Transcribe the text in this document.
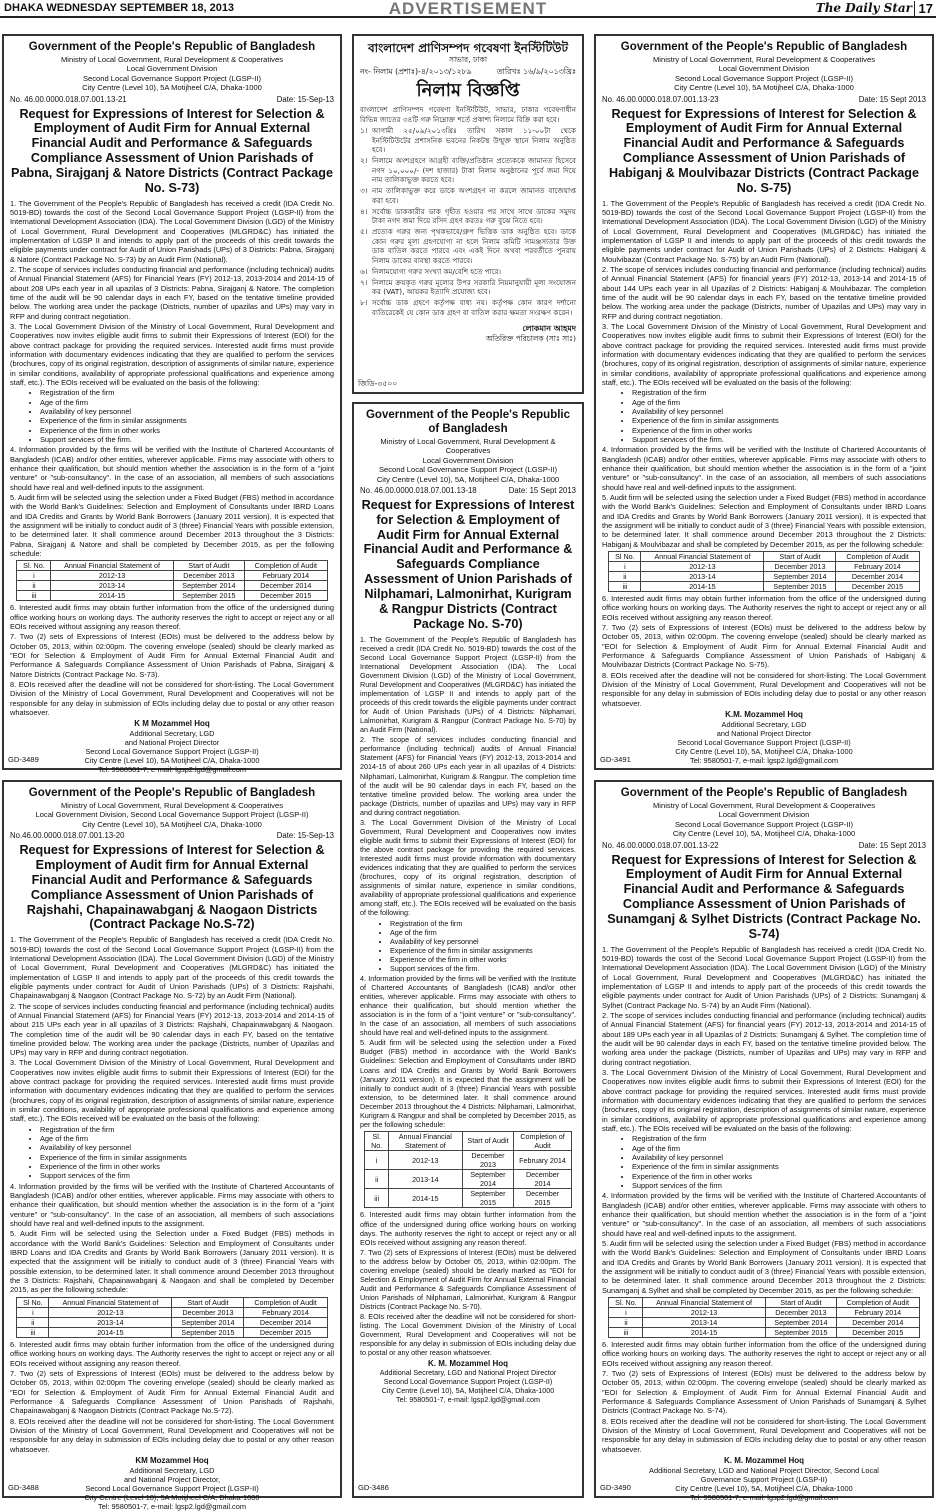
DHAKA WEDNESDAY SEPTEMBER 18, 2013	ADVERTISEMENT	The Daily Star 17
Government of the People's Republic of Bangladesh
Ministry of Local Government, Rural Development & Cooperatives
Local Government Division
Second Local Governance Support Project (LGSP-II)
City Centre (Level 10), 5A Motijheel C/A, Dhaka-1000
No. 46.00.0000.018.07.001.13-21	Date: 15-Sep-13
Request for Expressions of Interest for Selection & Employment of Audit Firm for Annual External Financial Audit and Performance & Safeguards Compliance Assessment of Union Parishads of Pabna, Sirajganj & Natore Districts (Contract Package No. S-73)

1. The Government of the People's Republic of Bangladesh has received a credit (IDA Credit No. 5019-BD) towards the cost of the Second Local Governance Support Project (LGSP-II) from the International Development Association (IDA). The Local Government Division (LGD) of the Ministry of Local Government, Rural Development and Cooperatives (MLGRD&C) has initiated the implementation of LGSP II and intends to apply part of the proceeds of this credit towards the eligible payments under contract for Audit of Union Parishads (UPs) of 3 Districts: Pabna, Sirajganj & Natore (Contract Package No. S-73) by an Audit Firm (National).

2. The scope of services includes conducting financial and performance (including technical) audits of Annual Financial Statement (AFS) for Financial Years (FY) 2012-13, 2013-2014 and 2014-15 of about 208 UPs each year in all upazilas of 3 Districts: Pabna, Sirajganj & Natore. The completion time of the audit will be 90 calendar days in each FY, based on the tentative timeline provided below. The working area under the package (Districts, number of upazilas and UPs) may vary in RFP and during contract negotiation.

3. The Local Government Division of the Ministry of Local Government, Rural Development and Cooperatives now invites eligible audit firms to submit their Expressions of Interest (EOI) for the above contract package for providing the required services. Interested audit firms must provide information with documentary evidences indicating that they are qualified to perform the services (brochures, copy of its original registration, description of assignments of similar nature, experience in similar conditions, availability of appropriate professional qualifications and experience among staff, etc.). The EOIs received will be evaluated on the basis of the following:

• Registration of the firm
• Age of the firm
• Availability of key personnel
• Experience of the firm in similar assignments
• Experience of the firm in other works
• Support services of the firm.

4. Information provided by the firms will be verified with the Institute of Chartered Accountants of Bangladesh (ICAB) and/or other entities, wherever applicable. Firms may associate with others to enhance their qualification, but should mention whether the association is in the form of a "joint venture" or "sub-consultancy". In the case of an association, all members of such associations should have real and well-defined inputs to the assignment.

5. Audit firm will be selected using the selection under a Fixed Budget (FBS) method in accordance with the World Bank's Guidelines: Selection and Employment of Consultants under IBRD Loans and IDA Credits and Grants by World Bank Borrowers (January 2011 version). It is expected that the assignment will be initially to conduct audit of 3 (three) Financial Years with possible extension, to be determined later. It shall commence around December 2013 throughout the 3 Districts: Pabna, Sirajganj & Natore and shall be completed by December 2015, as per the following schedule:

Sl. No.	Annual Financial Statement of	Start of Audit	Completion of Audit
i	2012-13	December 2013	February 2014
ii	2013-14	September 2014	December 2014
iii	2014-15	September 2015	December 2015

6. Interested audit firms may obtain further information from the office of the undersigned during office working hours on working days. The authority reserves the right to accept or reject any or all EOIs received without assigning any reason thereof.

7. Two (2) sets of Expressions of Interest (EOIs) must be delivered to the address below by October 05, 2013, within 02:00pm. The covering envelope (sealed) should be clearly marked as "EOI for Selection & Employment of Audit Firm for Annual External Financial Audit and Performance & Safeguards Compliance Assessment of Union Parishads of Pabna, Sirajganj & Natore Districts (Contract Package No. S-73).

8. EOIs received after the deadline will not be considered for short-listing. The Local Government Division of the Ministry of Local Government, Rural Development and Cooperatives will not be responsible for any delay in submission of EOIs including delay due to postal or any other reason whatsoever.

K M Mozammel Hoq
Additional Secretary, LGD
and National Project Director
Second Local Governance Support Project (LGSP-II)
City Centre (Level 10), 5A Motijheel C/A, Dhaka-1000
Tel: 9580501-7, e-mail: lgsp2.lgd@gmail.com
GD-3489
বাংলাদেশ প্রাণিসম্পদ গবেষণা ইনস্টিটিউট
সাভার, ঢাকা
নং- নিলাম (প্রশাঃ)-৪/২০১৩/১২৮৯	তারিখঃ ১৬/৯/২০১৩খ্রিঃ
নিলাম বিজ্ঞপ্তি

বাংলাদেশ প্রাণিসম্পদ গবেষণা ইনস্টিটিউট, সাভার, ঢাকার গবেষণাধীন বিভিন্ন জাতের ৩৪টি গরু নিম্নোক্ত শর্তে প্রকাশ্য নিলামে বিক্রি করা হবে।

১। আগামী ২৫/০৯/২০১৩খ্রিঃ তারিখ সকাল ১১-০০টা থেকে ইনস্টিটিউটের প্রশাসনিক ভবনের নিকটস্থ উন্মুক্ত স্থানে নিলাম অনুষ্ঠিত হবে।

২। নিলামে অংশগ্রহণে আগ্রহী ব্যক্তি/প্রতিষ্ঠান প্রত্যেককে জামানত হিসেবে নগদ ১০,০০০/- (দশ হাজার) টাকা নিলাম অনুষ্ঠানের পূর্বে জমা দিয়ে নাম তালিকাভুক্ত করতে হবে।

৩। নাম তালিকাভুক্ত করে ডাকে অংশগ্রহণ না করলে জামানত বাজেয়াপ্ত করা হবে।

৪। সর্বোচ্চ ডাককারীর ডাক গৃহীত হওয়ার পর সাথে সাথে ডাকের সমুদয় টাকা নগদ জমা দিয়ে রসিদ গ্রহণ করতঃ গরু বুঝে নিতে হবে।

৫। প্রত্যেক গরুর জন্য পৃথকভাবে/গ্রুপ ভিত্তিক ডাক অনুষ্ঠিত হবে। ডাকে কোন গরুর মূল্য গ্রহণযোগ্য না হলে নিলাম কমিটি সামঞ্জস্যতার উক্ত ডাক বাতিল করতে পারবে এবং একই দিনে অথবা পরবর্তীতে পুনরায় নিলাম ডাকের ব্যবস্থা করতে পারবে।

৬। নিলামযোগ্য গরুর সংখ্যা কম/বেশি হতে পারে।

৭। নিলামে ক্রয়কৃত গরুর মূল্যের উপর সরকারি নিয়মানুযায়ী মূল্য সংযোজন কর (VAT), আয়কর ইত্যাদি প্রযোজ্য হবে।

৮। সর্বোচ্চ ডাক গ্রহণে কর্তৃপক্ষ বাধ্য নয়। কর্তৃপক্ষ কোন কারণ দর্শানো ব্যতিরেকেই যে কোন ডাক গ্রহণ বা বাতিল করার ক্ষমতা সংরক্ষণ করেন।

লোকমান আহমদ
অতিরিক্ত পরিচালক (সাঃ সাঃ)
জিডি-৩৫০০
Government of the People's Republic of Bangladesh
Ministry of Local Government, Rural Development & Cooperatives
Local Government Division
Second Local Governance Support Project (LGSP-II)
City Centre (Level 10), 5A Motijheel C/A, Dhaka-1000
No. 46.00.0000.018.07.001.13-23	Date: 15 Sept 2013
Request for Expressions of Interest for Selection & Employment of Audit Firm for Annual External Financial Audit and Performance & Safeguards Compliance Assessment of Union Parishads of Habiganj & Moulvibazar Districts (Contract Package No. S-75)

1. The Government of the People's Republic of Bangladesh has received a credit (IDA Credit No. 5019-BD) towards the cost of the Second Local Governance Support Project (LGSP-II) from the International Development Association (IDA). The Local Government Division (LGD) of the Ministry of Local Government, Rural Development and Cooperatives (MLGRD&C) has initiated the implementation of LGSP II and intends to apply part of the proceeds of this credit towards the eligible payments under contract for Audit of Union Parishads (UPs) of 2 Districts: Habiganj & Moulvibazar (Contract Package No. S-75) by an Audit Firm (National).

2. The scope of services includes conducting financial and performance (including technical) audits of Annual Financial Statement (AFS) for financial years (FY) 2012-13, 2013-14 and 2014-15 of about 144 UPs each year in all Upazilas of 2 Districts: Habiganj & Moulvibazar. The completion time of the audit will be 90 calendar days in each FY, based on the tentative timeline provided below. The working area under the package (Districts, number of Upazilas and UPs) may vary in RFP and during contract negotiation.

3. The Local Government Division of the Ministry of Local Government, Rural Development and Cooperatives now invites eligible audit firms to submit their Expressions of Interest (EOI) for the above contract package for providing the required services. Interested audit firms must provide information with documentary evidences indicating that they are qualified to perform the services (brochures, copy of its original registration, description of assignments of similar nature, experience in similar conditions, availability of appropriate professional qualifications and experience among staff, etc.). The EOIs received will be evaluated on the basis of the following:

• Registration of the firm
• Age of the firm
• Availability of key personnel
• Experience of the firm in similar assignments
• Experience of the firm in other works
• Support services of the firm.

4. Information provided by the firms will be verified with the Institute of Chartered Accountants of Bangladesh (ICAB) and/or other entities, wherever applicable. Firms may associate with others to enhance their qualification, but should mention whether the association is in the form of a "joint venture" or "sub-consultancy". In the case of an association, all members of such associations should have real and well-defined inputs to the assignment.

5. Audit firm will be selected using the selection under a Fixed Budget (FBS) method in accordance with the World Bank's Guidelines: Selection and Employment of Consultants under IBRD Loans and IDA Credits and Grants by World Bank Borrowers (January 2011 version). It is expected that the assignment will be initially to conduct audit of 3 (three) Financial Years with possible extension, to be determined later. It shall commence around December 2013 throughout the 2 Districts: Habiganj & Moulvibazar and shall be completed by December 2015, as per the following schedule:

Sl No.	Annual Financial Statement of	Start of Audit	Completion of Audit
i	2012-13	December 2013	February 2014
ii	2013-14	September 2014	December 2014
iii	2014-15	September 2015	December 2015

6. Interested audit firms may obtain further information from the office of the undersigned during office working hours on working days. The Authority reserves the right to accept or reject any or all EOIs received without assigning any reason thereof.

7. Two (2) sets of Expressions of Interest (EOIs) must be delivered to the address below by October 05, 2013, within 02:00pm. The covering envelope (sealed) should be clearly marked as "EOI for Selection & Employment of Audit Firm for Annual External Financial Audit and Performance & Safeguards Compliance Assessment of Union Parishads of Habiganj & Moulvibazar Districts (Contract Package No. S-75).

8. EOIs received after the deadline will not be considered for short-listing. The Local Government Division of the Ministry of Local Government, Rural Development and Cooperatives will not be responsible for any delay in submission of EOIs including delay due to postal or any other reason whatsoever.

K.M. Mozammel Hoq
Additional Secretary, LGD
and National Project Director
Second Local Governance Support Project (LGSP-II)
City Centre (Level 10), 5A, Motijheel C/A, Dhaka-1000
Tel: 9580501-7, e-mail: lgsp2.lgd@gmail.com
GD-3491
Government of the People's Republic of Bangladesh
Ministry of Local Government, Rural Development & Cooperatives
Local Government Division, Second Local Governance Support Project (LGSP-II)
City Centre (Level 10), 5A Motijheel C/A, Dhaka-1000
No.46.00.0000.018.07.001.13-20	Date: 15-Sep-13
Request for Expressions of Interest for Selection & Employment of Audit firm for Annual External Financial Audit and Performance & Safeguards Compliance Assessment of Union Parishads of Rajshahi, Chapainawabganj & Naogaon Districts (Contract Package No.S-72)

1. The Government of the People's Republic of Bangladesh has received a credit (IDA Credit No. 5019-BD) towards the cost of the Second Local Governance Support Project (LGSP-II) from the International Development Association (IDA). The Local Government Division (LGD) of the Ministry of Local Government, Rural Development and Cooperatives (MLGRD&C) has initiated the implementation of LGSP II and intends to apply part of the proceeds of this credit towards the eligible payments under contract for Audit of Union Parishads (UPs) of 3 Districts: Rajshahi, Chapainawabganj & Naogaon (Contract Package No. S-72) by an Audit Firm (National).

2. The scope of services includes conducting financial and performance (including technical) audits of Annual Financial Statement (AFS) for Financial Years (FY) 2012-13, 2013-2014 and 2014-15 of about 215 UPs each year in all upazilas of 3 Districts: Rajshahi, Chapainawabganj & Naogaon. The completion time of the audit will be 90 calendar days in each FY, based on the tentative timeline provided below. The working area under the package (Districts, number of Upazilas and UPs) may vary in RFP and during contract negotiation.

3. The Local Government Division of the Ministry of Local Government, Rural Development and Cooperatives now invites eligible audit firms to submit their Expressions of Interest (EOI) for the above contract package for providing the required services. Interested audit firms must provide information with documentary evidences indicating that they are qualified to perform the services (brochures, copy of its original registration, description of assignments of similar nature, experience in similar conditions, availability of appropriate professional qualifications and experience among staff, etc.). The EOIs received will be evaluated on the basis of the following:

• Registration of the firm
• Age of the firm
• Availability of key personnel
• Experience of the firm in similar assignments
• Experience of the firm in other works
• Support services of the firm

4. Information provided by the firms will be verified with the Institute of Chartered Accountants of Bangladesh (ICAB) and/or other entities, wherever applicable. Firms may associate with others to enhance their qualification, but should mention whether the association is in the form of a "joint venture" or "sub-consultancy". In the case of an association, all members of such associations should have real and well-defined inputs to the assignment.

5. Audit Firm will be selected using the Selection under a Fixed Budget (FBS) methods in accordance with the World Bank's Guidelines: Selection and Employment of Consultants under IBRD Loans and IDA Credits and Grants by World Bank Borrowers (January 2011 version). It is expected that the assignment will be initially to conduct audit of 3 (three) Financial Years with possible extension, to be determined later. It shall commence around December 2013 throughout the 3 Districts: Rajshahi, Chapainawabganj & Naogaon and shall be completed by December 2015, as per the following schedule:

Sl No.	Annual Financial Statement of	Start of Audit	Completion of Audit
i	2012-13	December 2013	February 2014
ii	2013-14	September 2014	December 2014
iii	2014-15	September 2015	December 2015

6. Interested audit firms may obtain further information from the office of the undersigned during office working hours on working days. The Authority reserves the right to accept or reject any or all EOIs received without assigning any reason thereof.

7. Two (2) sets of Expressions of Interest (EOIs) must be delivered to the address below by October 05, 2013, within 02:00pm The covering envelope (sealed) should be clearly marked as "EOI for Selection & Employment of Audit Firm for Annual External Financial Audit and Performance & Safeguards Compliance Assessment of Union Parishads of Rajshahi, Chapainawabganj & Naogaon Districts (Contract Package No.S-72).

8. EOIs received after the deadline will not be considered for short-listing. The Local Government Division of the Ministry of Local Government, Rural Development and Cooperatives will not be responsible for any delay in submission of EOIs including delay due to postal or any other reason whatsoever.

KM Mozammel Hoq
Additional Secretary, LGD
and National Project Director,
Second Local Governance Support Project (LGSP-II)
City Centre (Level 10), 5A Motijheel C/A, Dhaka-1000
Tel: 9580501-7, e-mail: lgsp2.lgd@gmail.com
GD-3488
Government of the People's Republic of Bangladesh
Ministry of Local Government, Rural Development & Cooperatives
Local Government Division
Second Local Governance Support Project (LGSP-II)
City Centre (Level 10), 5A, Motijheel C/A, Dhaka-1000
No. 46.00.0000.018.07.001.13-18	Date: 15 Sept 2013
Request for Expressions of Interest for Selection & Employment of Audit Firm for Annual External Financial Audit and Performance & Safeguards Compliance Assessment of Union Parishads of Nilphamari, Lalmonirhat, Kurigram & Rangpur Districts (Contract Package No. S-70)

1. The Government of the People's Republic of Bangladesh has received a credit (IDA Credit No. 5019-BD) towards the cost of the Second Local Governance Support Project (LGSP-II) from the International Development Association (IDA). The Local Government Division (LGD) of the Ministry of Local Government, Rural Development and Cooperatives (MLGRD&C) has initiated the implementation of LGSP II and intends to apply part of the proceeds of this credit towards the eligible payments under contract for Audit of Union Parishads (UPs) of 4 Districts: Nilphamari, Lalmonirhat, Kurigram & Rangpur (Contract Package No. S-70) by an Audit Firm (National).

2. The scope of services includes conducting financial and performance (including technical) audits of Annual Financial Statement (AFS) for Financial Years (FY) 2012-13, 2013-2014 and 2014-15 of about 260 UPs each year in all upazilas of 4 Districts: Nilphamari, Lalmonirhat, Kurigram & Rangpur. The completion time of the audit will be 90 calendar days in each FY, based on the tentative timeline provided below. The working area under the package (Districts, number of upazilas and UPs) may vary in RFP and during contract negotiation.

3. The Local Government Division of the Ministry of Local Government, Rural Development and Cooperatives now invites eligible audit firms to submit their Expressions of Interest (EOI) for the above contract package for providing the required services. Interested audit firms must provide information with documentary evidences indicating that they are qualified to perform the services (brochures, copy of its original registration, description of assignments of similar nature, experience in similar conditions, availability of appropriate professional qualifications and experience among staff, etc.). The EOIs received will be evaluated on the basis of the following:

• Registration of the firm
• Age of the firm
• Availability of key personnel
• Experience of the firm in similar assignments
• Experience of the firm in other works
• Support services of the firm.

4. Information provided by the firms will be verified with the Institute of Chartered Accountants of Bangladesh (ICAB) and/or other entities, wherever applicable. Firms may associate with others to enhance their qualification, but should mention whether the association is in the form of a "joint venture" or "sub-consultancy". In the case of an association, all members of such associations should have real and well-defined inputs to the assignment.

5. Audit firm will be selected using the selection under a Fixed Budget (FBS) method in accordance with the World Bank's Guidelines: Selection and Employment of Consultants under IBRD Loans and IDA Credits and Grants by World Bank Borrowers (January 2011 version). It is expected that the assignment will be initially to conduct audit of 3 (three) Financial Years with possible extension, to be determined later. It shall commence around December 2013 throughout the 4 Districts: Nilphamari, Lalmonirhat, Kurigram & Rangpur and shall be completed by December 2015, as per the following schedule:

Sl. No.	Annual Financial Statement of	Start of Audit	Completion of Audit
i	2012-13	December 2013	February 2014
ii	2013-14	September 2014	December 2014
iii	2014-15	September 2015	December 2015

6. Interested audit firms may obtain further information from the office of the undersigned during office working hours on working days. The authority reserves the right to accept or reject any or all EOIs received without assigning any reason thereof.

7. Two (2) sets of Expressions of Interest (EOIs) must be delivered to the address below by October 05, 2013, within 02:00pm. The covering envelope (sealed) should be clearly marked as "EOI for Selection & Employment of Audit Firm for Annual External Financial Audit and Performance & Safeguards Compliance Assessment of Union Parishads of Nilphamari, Lalmonirhat, Kurigram & Rangpur Districts (Contract Package No. S-70).

8. EOIs received after the deadline will not be considered for short-listing. The Local Government Division of the Ministry of Local Government, Rural Development and Cooperatives will not be responsible for any delay in submission of EOIs including delay due to postal or any other reason whatsoever.

K. M. Mozammel Hoq
Additional Secretary, LGD and National Project Director
Second Local Governance Support Project (LGSP-II)
City Centre (Level 10), 5A, Motijheel C/A, Dhaka-1000
Tel: 9580501-7, e-mail: lgsp2.lgd@gmail.com
GD-3486
Government of the People's Republic of Bangladesh
Ministry of Local Government, Rural Development & Cooperatives
Local Government Division
Second Local Governance Support Project (LGSP-II)
City Centre (Level 10), 5A, Motijheel C/A, Dhaka-1000
No. 46.00.0000.018.07.001.13-22	Date: 15 Sept 2013
Request for Expressions of Interest for Selection & Employment of Audit Firm for Annual External Financial Audit and Performance & Safeguards Compliance Assessment of Union Parishads of Sunamganj & Sylhet Districts (Contract Package No. S-74)

1. The Government of the People's Republic of Bangladesh has received a credit (IDA Credit No. 5019-BD) towards the cost of the Second Local Governance Support Project (LGSP-II) from the International Development Association (IDA). The Local Government Division (LGD) of the Ministry of Local Government, Rural Development and Cooperatives (MLGRD&C) has initiated the implementation of LGSP II and intends to apply part of the proceeds of this credit towards the eligible payments under contract for Audit of Union Parishads (UPs) of 2 Districts: Sunamganj & Sylhet (Contract Package No. S-74) by an Audit Firm (National).

2. The scope of services includes conducting financial and performance (including technical) audits of Annual Financial Statement (AFS) for financial years (FY) 2012-13, 2013-2014 and 2014-15 of about 189 UPs each year in all Upazilas of 2 Districts: Sunamganj & Sylhet. The completion time of the audit will be 90 calendar days in each FY, based on the tentative timeline provided below. The working area under the package (Districts, number of Upazilas and UPs) may vary in RFP and during contract negotiation.

3. The Local Government Division of the Ministry of Local Government, Rural Development and Cooperatives now invites eligible audit firms to submit their Expressions of Interest (EOI) for the above contract package for providing the required services. Interested audit firms must provide information with documentary evidences indicating that they are qualified to perform the services (brochures, copy of its original registration, description of assignments of similar nature, experience in similar conditions, availability of appropriate professional qualifications and experience among staff, etc.). The EOIs received will be evaluated on the basis of the following:

• Registration of the firm
• Age of the firm
• Availability of key personnel
• Experience of the firm in similar assignments
• Experience of the firm in other works
• Support services of the firm

4. Information provided by the firms will be verified with the Institute of Chartered Accountants of Bangladesh (ICAB) and/or other entities, wherever applicable. Firms may associate with others to enhance their qualification, but should mention whether the association is in the form of a "joint venture" or "sub-consultancy". In the case of an association, all members of such associations should have real and well-defined inputs to the assignment.

5. Audit firm will be selected using the selection under a Fixed Budget (FBS) method in accordance with the World Bank's Guidelines: Selection and Employment of Consultants under IBRD Loans and IDA Credits and Grants by World Bank Borrowers (January 2011 version). It is expected that the assignment will be initially to conduct audit of 3 (three) Financial Years with possible extension, to be determined later. It shall commence around December 2013 throughout the 2 Districts: Sunamganj & Sylhet and shall be completed by December 2015, as per the following schedule:

Sl. No.	Annual Financial Statement of	Start of Audit	Completion of Audit
i	2012-13	December 2013	February 2014
ii	2013-14	September 2014	December 2014
iii	2014-15	September 2015	December 2015

6. Interested audit firms may obtain further information from the office of the undersigned during office working hours on working days. The authority reserves the right to accept or reject any or all EOIs received without assigning any reason thereof.

7. Two (2) sets of Expressions of Interest (EOIs) must be delivered to the address below by October 05, 2013, within 02:00pm. The covering envelope (sealed) should be clearly marked as "EOI for Selection & Employment of Audit Firm for Annual External Financial Audit and Performance & Safeguards Compliance Assessment of Union Parishads of Sunamganj & Sylhet Districts (Contract Package No. S-74).

8. EOIs received after the deadline will not be considered for short-listing. The Local Government Division of the Ministry of Local Government, Rural Development and Cooperatives will not be responsible for any delay in submission of EOIs including delay due to postal or any other reason whatsoever.

K. M. Mozammel Hoq
Additional Secretary, LGD and National Project Director, Second Local
Governance Support Project (LGSP-II)
City Centre (Level 10), 5A, Motijheel C/A, Dhaka-1000
Tel: 9580501-7, e-mail: lgsp2.lgd@gmail.com
GD-3490
